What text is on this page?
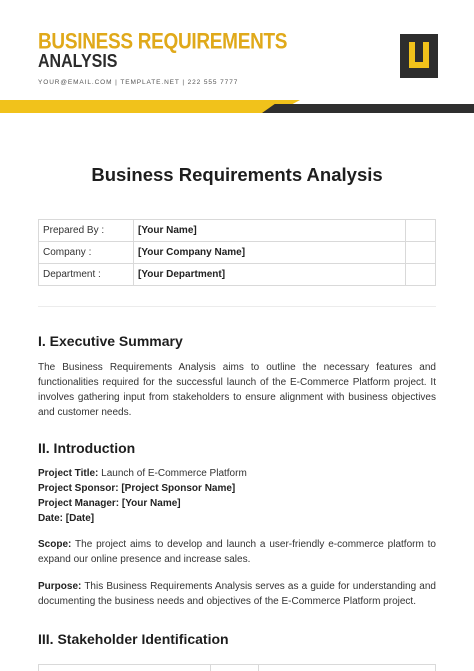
BUSINESS REQUIREMENTS
ANALYSIS
YOUR@EMAIL.COM | TEMPLATE.NET | 222 555 7777
Business Requirements Analysis
Prepared By :	[Your Name]	
Company :	[Your Company Name]	
Department :	[Your Department]	
I. Executive Summary
The Business Requirements Analysis aims to outline the necessary features and functionalities required for the successful launch of the E-Commerce Platform project. It involves gathering input from stakeholders to ensure alignment with business objectives and customer needs.
II. Introduction
Project Title: Launch of E-Commerce Platform
Project Sponsor: [Project Sponsor Name]
Project Manager: [Your Name]
Date: [Date]
Scope: The project aims to develop and launch a user-friendly e-commerce platform to expand our online presence and increase sales.
Purpose: This Business Requirements Analysis serves as a guide for understanding and documenting the business needs and objectives of the E-Commerce Platform project.
III. Stakeholder Identification
